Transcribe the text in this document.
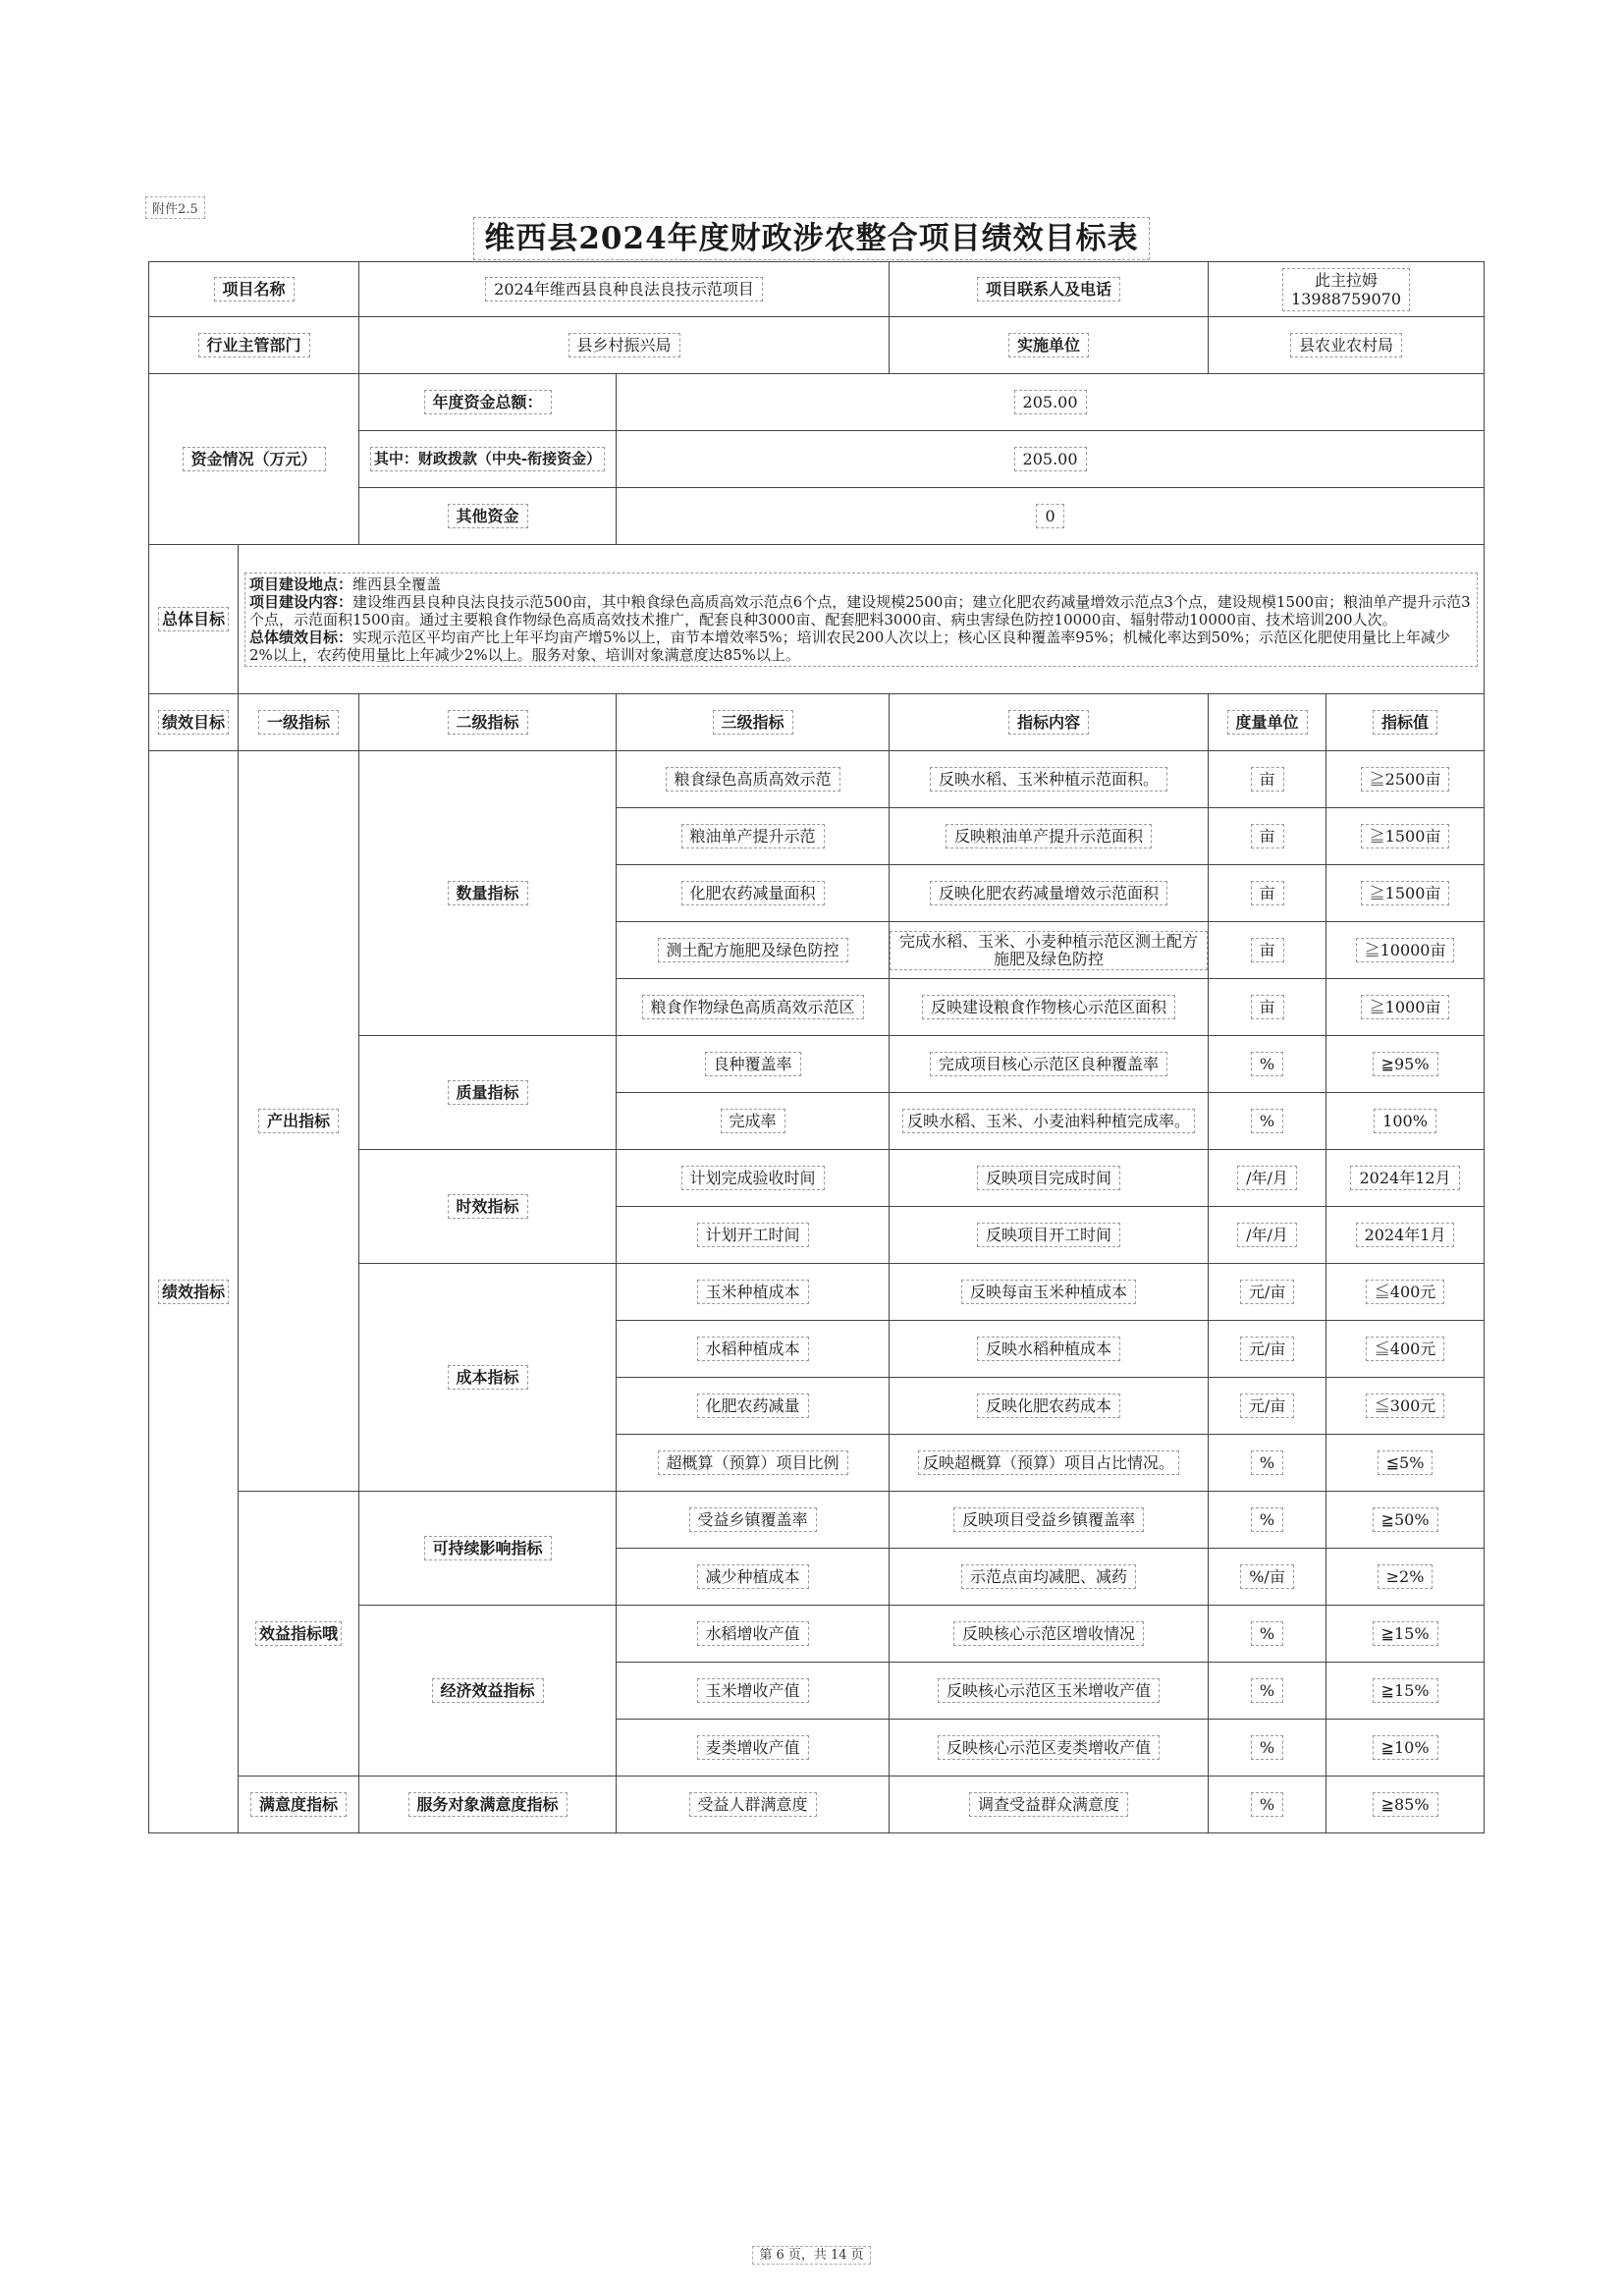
附件2.5
维西县2024年度财政涉农整合项目绩效目标表
项目名称		2024年维西县良种良法良技示范项目		项目联系人及电话	此主拉姆
13988759070	
行业主管部门		县乡村振兴局		实施单位	县农业农村局	
资金情况（万元）		年度资金总额：	205.00			
		其中：财政拨款（中央-衔接资金）	205.00			
		其他资金	0			
总体目标	项目建设地点：维西县全覆盖
项目建设内容：建设维西县良种良法良技示范500亩，其中粮食绿色高质高效示范点6个点，建设规模2500亩；建立化肥农药减量增效示范点3个点，建设规模1500亩；粮油单产提升示范3个点，示范面积1500亩。通过主要粮食作物绿色高质高效技术推广，配套良种3000亩、配套肥料3000亩、病虫害绿色防控10000亩、辐射带动10000亩、技术培训200人次。
总体绩效目标：实现示范区平均亩产比上年平均亩产增5%以上，亩节本增效率5%；培训农民200人次以上；核心区良种覆盖率95%；机械化率达到50%；示范区化肥使用量比上年减少2%以上，农药使用量比上年减少2%以上。服务对象、培训对象满意度达85%以上。					

绩效目标	一级指标	二级指标	三级指标	指标内容	度量单位	指标值
绩效指标	产出指标	数量指标	粮食绿色高质高效示范	反映水稻、玉米种植示范面积。	亩	≧2500亩
			粮油单产提升示范	反映粮油单产提升示范面积	亩	≧1500亩
			化肥农药减量面积	反映化肥农药减量增效示范面积	亩	≧1500亩
			测土配方施肥及绿色防控	完成水稻、玉米、小麦种植示范区测土配方施肥及绿色防控	亩	≧10000亩
			粮食作物绿色高质高效示范区	反映建设粮食作物核心示范区面积	亩	≧1000亩
		质量指标	良种覆盖率	完成项目核心示范区良种覆盖率	%	≧95%
			完成率	反映水稻、玉米、小麦油料种植完成率。	%	100%
		时效指标	计划完成验收时间	反映项目完成时间	/年/月	2024年12月
			计划开工时间	反映项目开工时间	/年/月	2024年1月
		成本指标	玉米种植成本	反映每亩玉米种植成本	元/亩	≦400元
			水稻种植成本	反映水稻种植成本	元/亩	≦400元
			化肥农药减量	反映化肥农药成本	元/亩	≦300元
			超概算（预算）项目比例	反映超概算（预算）项目占比情况。	%	≦5%
	效益指标哦	可持续影响指标	受益乡镇覆盖率	反映项目受益乡镇覆盖率	%	≧50%
			减少种植成本	示范点亩均减肥、减药	%/亩	≥2%
		经济效益指标	水稻增收产值	反映核心示范区增收情况	%	≧15%
			玉米增收产值	反映核心示范区玉米增收产值	%	≧15%
			麦类增收产值	反映核心示范区麦类增收产值	%	≧10%
	满意度指标	服务对象满意度指标	受益人群满意度	调查受益群众满意度	%	≧85%
第 6 页，共 14 页
